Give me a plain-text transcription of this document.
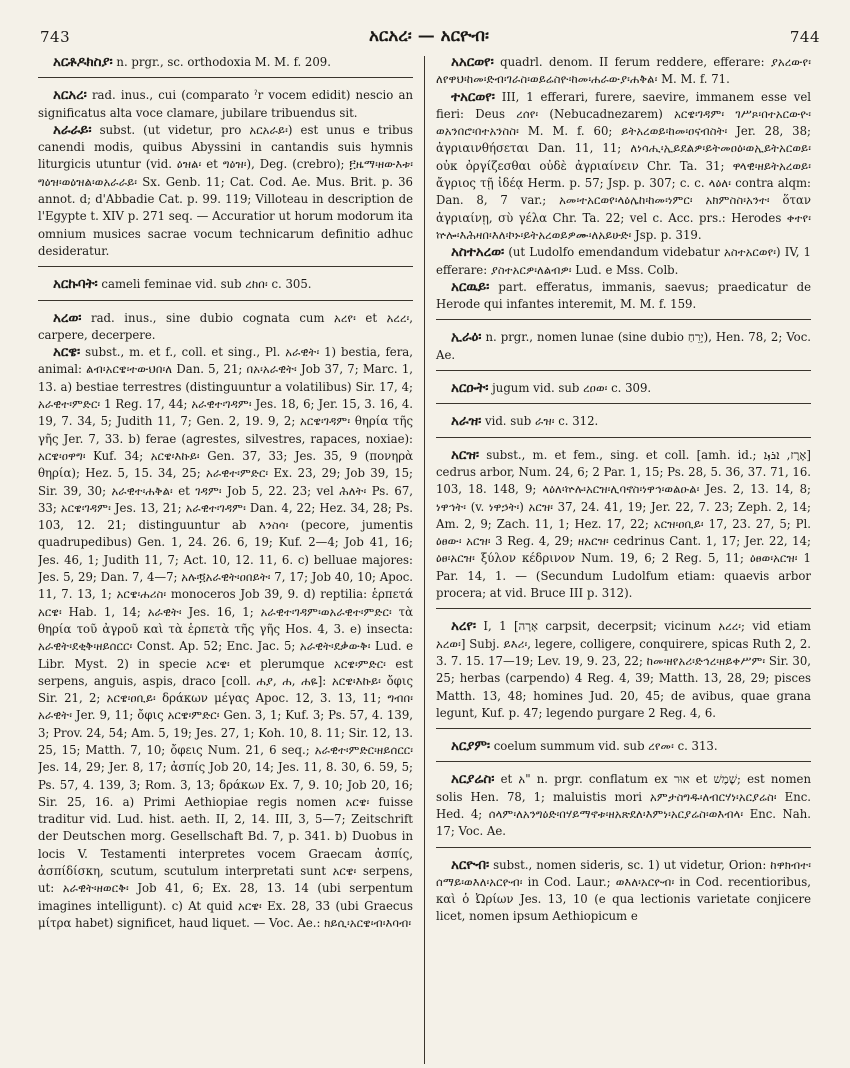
743	አርአረ፡ — አርዮብ፡	744

አርቶዶክስያ፡ n. prgr., sc. orthodoxia M. M. f. 209.

አርአረ፡ rad. inus., cui (comparato ˀr vocem edidit) nescio an significatus alta voce clamare, jubilare tribuendus sit.

አራራይ፡ subst. (ut videtur, pro አርአራይ፡) est unus e tribus canendi modis, quibus Abyssini in cantandis suis hymnis liturgicis utuntur (vid. ዕዝል፡ et ግዕዝ፡), Deg. (crebro); ፫ዜማ፡ዘውእቱ፡ግዕዝ፡ወዕዝል፡ወአራራይ፡ Sx. Genb. 11; Cat. Cod. Ae. Mus. Brit. p. 36 annot. d; d'Abbadie Cat. p. 99. 119; Villoteau in description de l'Egypte t. XIV p. 271 seq. — Accuratior ut horum modorum ita omnium musices sacrae vocum technicarum definitio adhuc desideratur.

አርኩባት፡ cameli feminae vid. sub ረከበ፡ c. 305.

አረወ፡ rad. inus., sine dubio cognata cum አረየ፡ et አረረ፡, carpere, decerpere.

አርዌ፡ subst., m. et f., coll. et sing., Pl. አራዊት፡ 1) bestia, fera, animal: ልብ፡አርዌ፡ተውህበ፡ለ Dan. 5, 21; በአ፡አራዊት፡ Job 37, 7; Marc. 1, 13. a) bestiae terrestres (distinguuntur a volatilibus) Sir. 17, 4; አራዊተ፡ምድር፡ 1 Reg. 17, 44; አራዊተ፡ገዳም፡ Jes. 18, 6; Jer. 15, 3. 16, 4. 19, 7. 34, 5; Judith 11, 7; Gen. 2, 19. 9, 2; አርዌ፡ገዳም፡ θηρία τῆς γῆς Jer. 7, 33. b) ferae (agrestes, silvestres, rapaces, noxiae): አርዌ፡ዐዋግ፡ Kuf. 34; አርዌ፡እኩይ፡ Gen. 37, 33; Jes. 35, 9 (πονηρὰ θηρία); Hez. 5, 15. 34, 25; አራዊተ፡ምድር፡ Ex. 23, 29; Job 39, 15; Sir. 39, 30; አራዊተ፡ሐቅል፡ et ገዳም፡ Job 5, 22. 23; vel ሕለት፡ Ps. 67, 33; አርዌ፡ገዳም፡ Jes. 13, 21; አራዊተ፡ገዳም፡ Dan. 4, 22; Hez. 34, 28; Ps. 103, 12. 21; distinguuntur ab እንስሳ፡ (pecore, jumentis quadrupedibus) Gen. 1, 24. 26. 6, 19; Kuf. 2—4; Job 41, 16; Jes. 46, 1; Judith 11, 7; Act. 10, 12. 11, 6. c) belluae majores: Jes. 5, 29; Dan. 7, 4—7; አሉ፡፬አራዊት፡ዐበይት፡ 7, 17; Job 40, 10; Apoc. 11, 7. 13, 1; አርዌ፡ሐሪስ፡ monoceros Job 39, 9. d) reptilia: ἑρπετά አርዌ፡ Hab. 1, 14; አራዊት፡ Jes. 16, 1; አራዊተ፡ገዳም፡ወአራዊተ፡ምድር፡ τὰ θηρία τοῦ ἀγροῦ καὶ τὰ ἑρπετὰ τῆς γῆς Hos. 4, 3. e) insecta: አራዊት፡ደቂቅ፡ዘይሰርር፡ Const. Ap. 52; Enc. Jac. 5; አራዊት፡ደቃውቅ፡ Lud. e Libr. Myst. 2) in specie አርዌ፡ et plerumque አርዌ፡ምድር፡ est serpens, anguis, aspis, draco [coll. ሐያ, ሐ, ሐዬ]: አርዌ፡እኩይ፡ ὄφις Sir. 21, 2; አርዌ፡ዐቢይ፡ δράκων μέγας Apoc. 12, 3. 13, 11; ግብበ፡አራዊት፡ Jer. 9, 11; ὄφις አርዌ፡ምድር፡ Gen. 3, 1; Kuf. 3; Ps. 57, 4. 139, 3; Prov. 24, 54; Am. 5, 19; Jes. 27, 1; Koh. 10, 8. 11; Sir. 12, 13. 25, 15; Matth. 7, 10; ὄφεις Num. 21, 6 seq.; አራዊተ፡ምድር፡ዘይሰርር፡ Jes. 14, 29; Jer. 8, 17; ἀσπίς Job 20, 14; Jes. 11, 8. 30, 6. 59, 5; Ps. 57, 4. 139, 3; Rom. 3, 13; δράκων Ex. 7, 9. 10; Job 20, 16; Sir. 25, 16. a) Primi Aethiopiae regis nomen አርዌ፡ fuisse traditur vid. Lud. hist. aeth. II, 2, 14. III, 3, 5—7; Zeitschrift der Deutschen morg. Gesellschaft Bd. 7, p. 341. b) Duobus in locis V. Testamenti interpretes vocem Graecam ἀσπίς, ἀσπίδίσκη, scutum, scutulum interpretati sunt አርዌ፡ serpens, ut: አራዊት፡ዘወርቅ፡ Job 41, 6; Ex. 28, 13. 14 (ubi serpentum imagines intelligunt). c) At quid አርዌ፡ Ex. 28, 33 (ubi Graecus μίτρα habet) significet, haud liquet. — Voc. Ae.: ክይሲ፡አርዌ፡ብ፡እባብ፡

አአርወየ፡ quadrl. denom. II ferum reddere, efferare: ያአረውየ፡ለየዋህ፡ከመ፡ድብ፡ገራስ፡ወይሬስዮ፡ከመ፡ሐራውያ፡ሐቅል፡ M. M. f. 71.

ተአርወየ፡ III, 1 efferari, furere, saevire, immanem esse vel fieri: Deus ረሰየ፡ (Nebucadnezarem) አርዌ፡ገዳም፡ ገሥጾ፡በተአርውዮ፡ወአንበሮ፡በተአንስስ፡ M. M. f. 60; ይትአረወይ፡ከመ፡ዐናብስት፡ Jer. 28, 38; ἀγριαινθήσεται Dan. 11, 11; ለነሳሒ፡ኢይደልዎ፡ይትመዐዕ፡ወኢይትአርወይ፡ οὐκ ὀργίζεσθαι οὐδὲ ἀγριαίνειν Chr. Ta. 31; ዋላዊ፡ዘይትአረወይ፡ ἄγριος τῇ ἰδέᾳ Herm. p. 57; Jsp. p. 307; c. c. ላዕለ፡ contra alqm: Dan. 8, 7 var.; አመ፡ተአርወየ፡ላዕሌከ፡ከመ፡ነምር፡ አክምስስ፡አንተ፡ ὅταν ἀγριαίνῃ, σὺ γέλα Chr. Ta. 22; vel c. Acc. prs.: Herodes ቀተየ፡ኵሎ፡እሕዛበ፡እለ፡ኮኑ፡ይትአረወይዎሙ፡ለአይሁድ፡ Jsp. p. 319.

አስተአረወ፡ (ut Ludolfo emendandum videbatur አስተአርወየ፡) IV, 1 efferare: ያስተአርዎ፡ለልብዎ፡ Lud. e Mss. Colb.

አርዉይ፡ part. efferatus, immanis, saevus; praedicatur de Herode qui infantes interemit, M. M. f. 159.

ኢራዕ፡ n. prgr., nomen lunae (sine dubio יָרֵחַ), Hen. 78, 2; Voc. Ae.

አርዑት፡ jugum vid. sub ረዐወ፡ c. 309.

አራዝ፡ vid. sub ራዝ፡ c. 312.

አርዝ፡ subst., m. et fem., sing. et coll. [amh. id.; אֶרֶז, ܐܪܙܐ] cedrus arbor, Num. 24, 6; 2 Par. 1, 15; Ps. 28, 5. 36, 37. 71, 16. 103, 18. 148, 9; ላዕለ፡ኵሉ፡አርዝ፡ሊባኖስ፡ነዋኅ፡ወልዑል፡ Jes. 2, 13. 14, 8; ነዋኅት፡ (v. ነዋኃት፡) አርዝ፡ 37, 24. 41, 19; Jer. 22, 7. 23; Zeph. 2, 14; Am. 2, 9; Zach. 11, 1; Hez. 17, 22; አርዝ፡ዐቢይ፡ 17, 23. 27, 5; Pl. ዕፀው፡ አርዝ፡ 3 Reg. 4, 29; ዘአርዝ፡ cedrinus Cant. 1, 17; Jer. 22, 14; ዕፀ፡አርዝ፡ ξύλον κέδρινον Num. 19, 6; 2 Reg. 5, 11; ዕፀወ፡አርዝ፡ 1 Par. 14, 1. — (Secundum Ludolfum etiam: quaevis arbor procera; at vid. Bruce III p. 312).

አረየ፡ I, 1 [אָרָה carpsit, decerpsit; vicinum አረረ፡; vid etiam አረወ፡] Subj. ይእሪ፡, legere, colligere, conquirere, spicas Ruth 2, 2. 3. 7. 15. 17—19; Lev. 19, 9. 23, 22; ከመ፡ዘየአሪ፡ድኅረ፡ዘይቀሥም፡ Sir. 30, 25; herbas (carpendo) 4 Reg. 4, 39; Matth. 13, 28, 29; pisces Matth. 13, 48; homines Jud. 20, 45; de avibus, quae grana legunt, Kuf. p. 47; legendo purgare 2 Reg. 4, 6.

አርያም፡ coelum summum vid. sub ረየመ፡ c. 313.

አርያሬስ፡ et አ" n. prgr. conflatum ex אוּר et שֶׁמֶשׁ; est nomen solis Hen. 78, 1; maluistis mori አምታስግዱ፡ለብርሃነ፡አርያሬስ፡ Enc. Hed. 4; ሰላም፡ለአንግዕድ፡በሃይማኖቱ፡ዘአጽደለ፡እምነ፡አርያሬስ፡ወእብላ፡ Enc. Nah. 17; Voc. Ae.

አርዮብ፡ subst., nomen sideris, sc. 1) ut videtur, Orion: ከዋክብተ፡ሰማይ፡ወእለ፡አርዮብ፡ in Cod. Laur.; ወእለ፡አርዮብ፡ in Cod. recentioribus, καὶ ὁ Ὠρίων Jes. 13, 10 (e qua lectionis varietate conjicere licet, nomen ipsum Aethiopicum e
